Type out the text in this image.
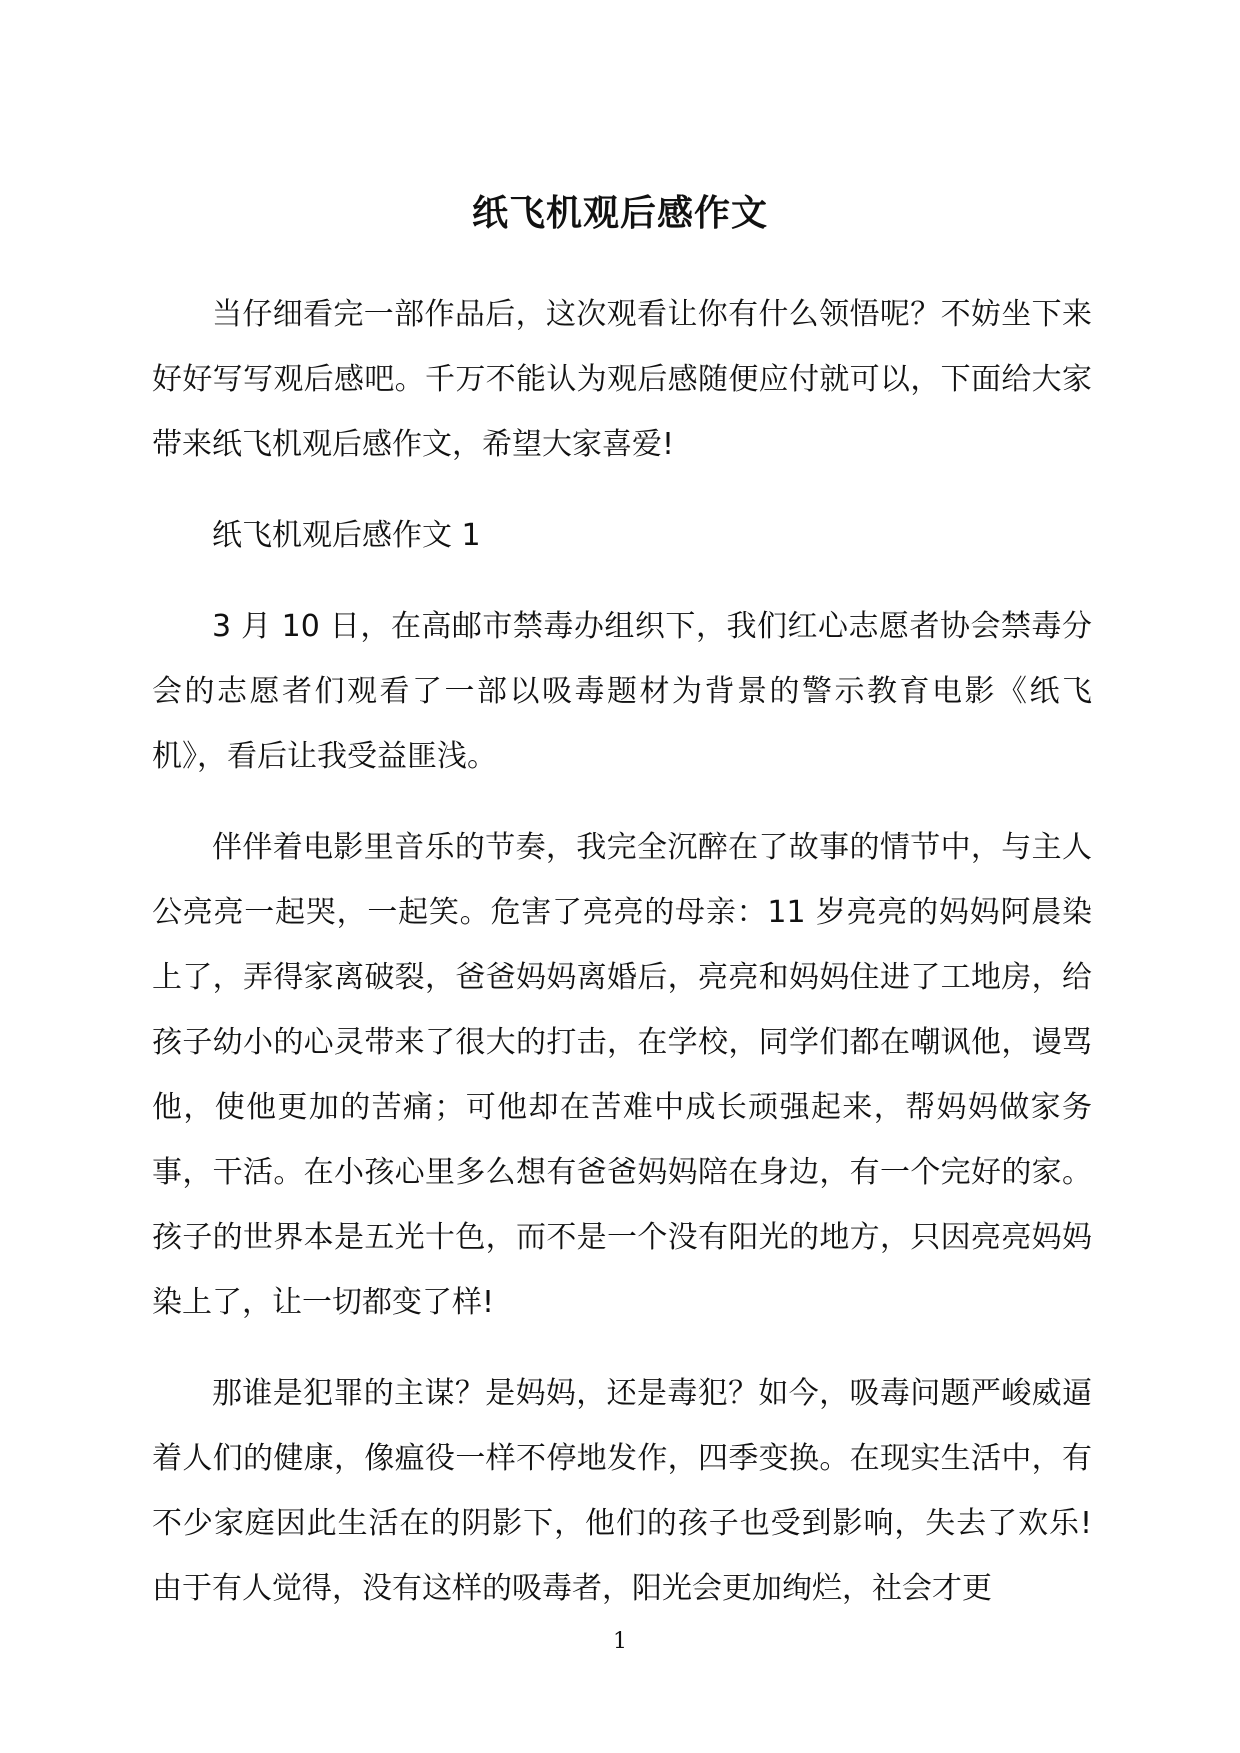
纸飞机观后感作文

当仔细看完一部作品后，这次观看让你有什么领悟呢？不妨坐下来好好写写观后感吧。千万不能认为观后感随便应付就可以，下面给大家带来纸飞机观后感作文，希望大家喜爱!

纸飞机观后感作文 1

3 月 10 日，在高邮市禁毒办组织下，我们红心志愿者协会禁毒分会的志愿者们观看了一部以吸毒题材为背景的警示教育电影《纸飞机》，看后让我受益匪浅。

伴伴着电影里音乐的节奏，我完全沉醉在了故事的情节中，与主人公亮亮一起哭，一起笑。危害了亮亮的母亲：11 岁亮亮的妈妈阿晨染上了，弄得家离破裂，爸爸妈妈离婚后，亮亮和妈妈住进了工地房，给孩子幼小的心灵带来了很大的打击，在学校，同学们都在嘲讽他，谩骂他，使他更加的苦痛；可他却在苦难中成长顽强起来，帮妈妈做家务事，干活。在小孩心里多么想有爸爸妈妈陪在身边，有一个完好的家。孩子的世界本是五光十色，而不是一个没有阳光的地方，只因亮亮妈妈染上了，让一切都变了样!

那谁是犯罪的主谋？是妈妈，还是毒犯？如今，吸毒问题严峻威逼着人们的健康，像瘟役一样不停地发作，四季变换。在现实生活中，有不少家庭因此生活在的阴影下，他们的孩子也受到影响，失去了欢乐!由于有人觉得，没有这样的吸毒者，阳光会更加绚烂，社会才更

1
